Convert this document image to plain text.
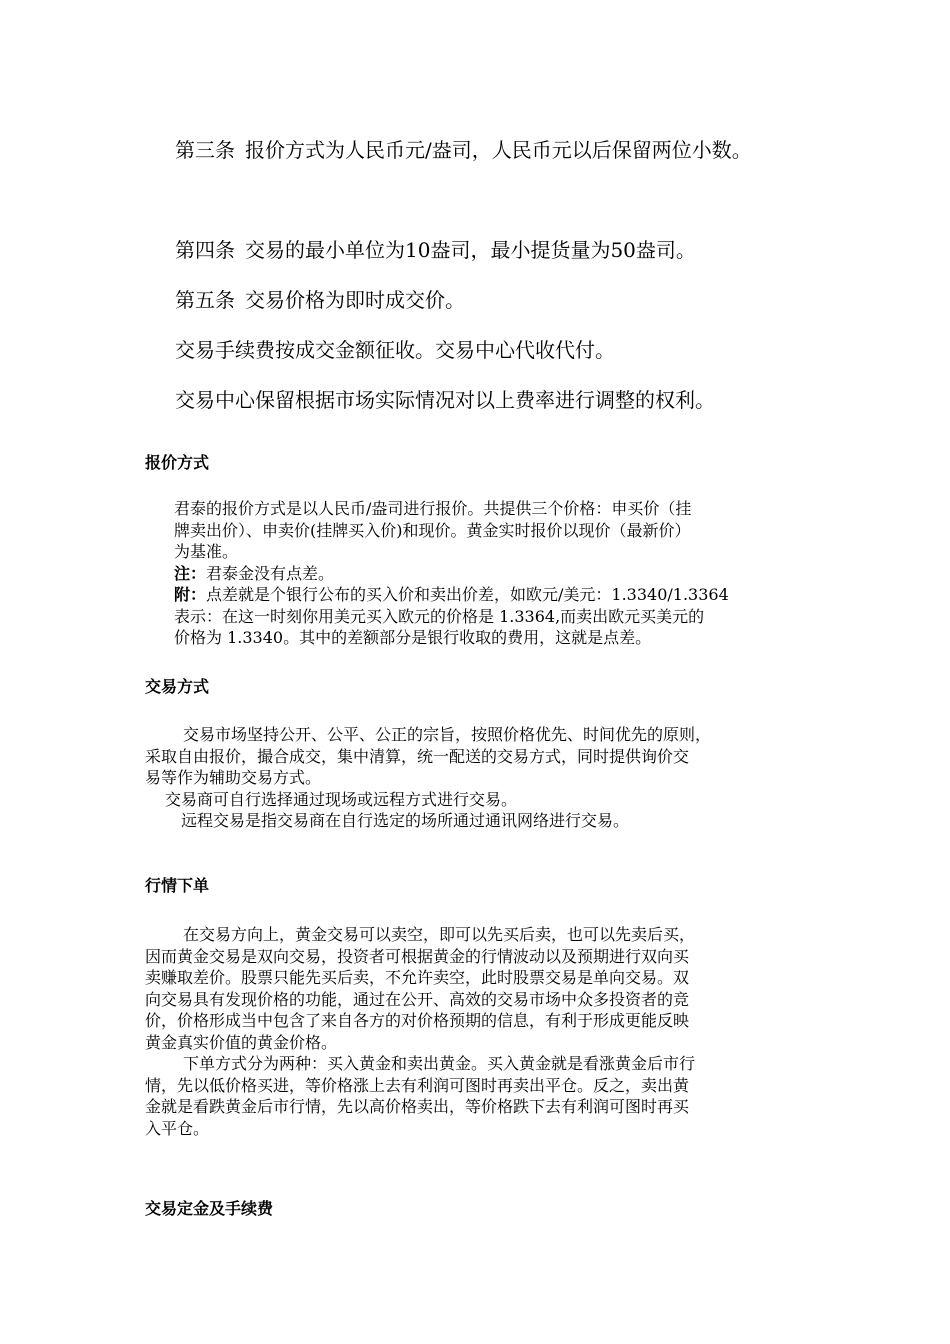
第三条 报价方式为人民币元/盎司，人民币元以后保留两位小数。
第四条 交易的最小单位为10盎司，最小提货量为50盎司。
第五条 交易价格为即时成交价。
交易手续费按成交金额征收。交易中心代收代付。
交易中心保留根据市场实际情况对以上费率进行调整的权利。
报价方式

君泰的报价方式是以人民币/盎司进行报价。共提供三个价格：申买价（挂

牌卖出价）、申卖价(挂牌买入价)和现价。黄金实时报价以现价（最新价）

为基准。

注：君泰金没有点差。

附：点差就是个银行公布的买入价和卖出价差，如欧元/美元：1.3340/1.3364

表示：在这一时刻你用美元买入欧元的价格是 1.3364,而卖出欧元买美元的

价格为 1.3340。其中的差额部分是银行收取的费用，这就是点差。

交易方式

交易市场坚持公开、公平、公正的宗旨，按照价格优先、时间优先的原则，

采取自由报价，撮合成交，集中清算，统一配送的交易方式，同时提供询价交

易等作为辅助交易方式。

交易商可自行选择通过现场或远程方式进行交易。

远程交易是指交易商在自行选定的场所通过通讯网络进行交易。

行情下单

在交易方向上，黄金交易可以卖空，即可以先买后卖，也可以先卖后买，

因而黄金交易是双向交易，投资者可根据黄金的行情波动以及预期进行双向买

卖赚取差价。股票只能先买后卖，不允许卖空，此时股票交易是单向交易。双

向交易具有发现价格的功能，通过在公开、高效的交易市场中众多投资者的竞

价，价格形成当中包含了来自各方的对价格预期的信息，有利于形成更能反映

黄金真实价值的黄金价格。

下单方式分为两种：买入黄金和卖出黄金。买入黄金就是看涨黄金后市行

情，先以低价格买进，等价格涨上去有利润可图时再卖出平仓。反之，卖出黄

金就是看跌黄金后市行情，先以高价格卖出，等价格跌下去有利润可图时再买

入平仓。

交易定金及手续费
